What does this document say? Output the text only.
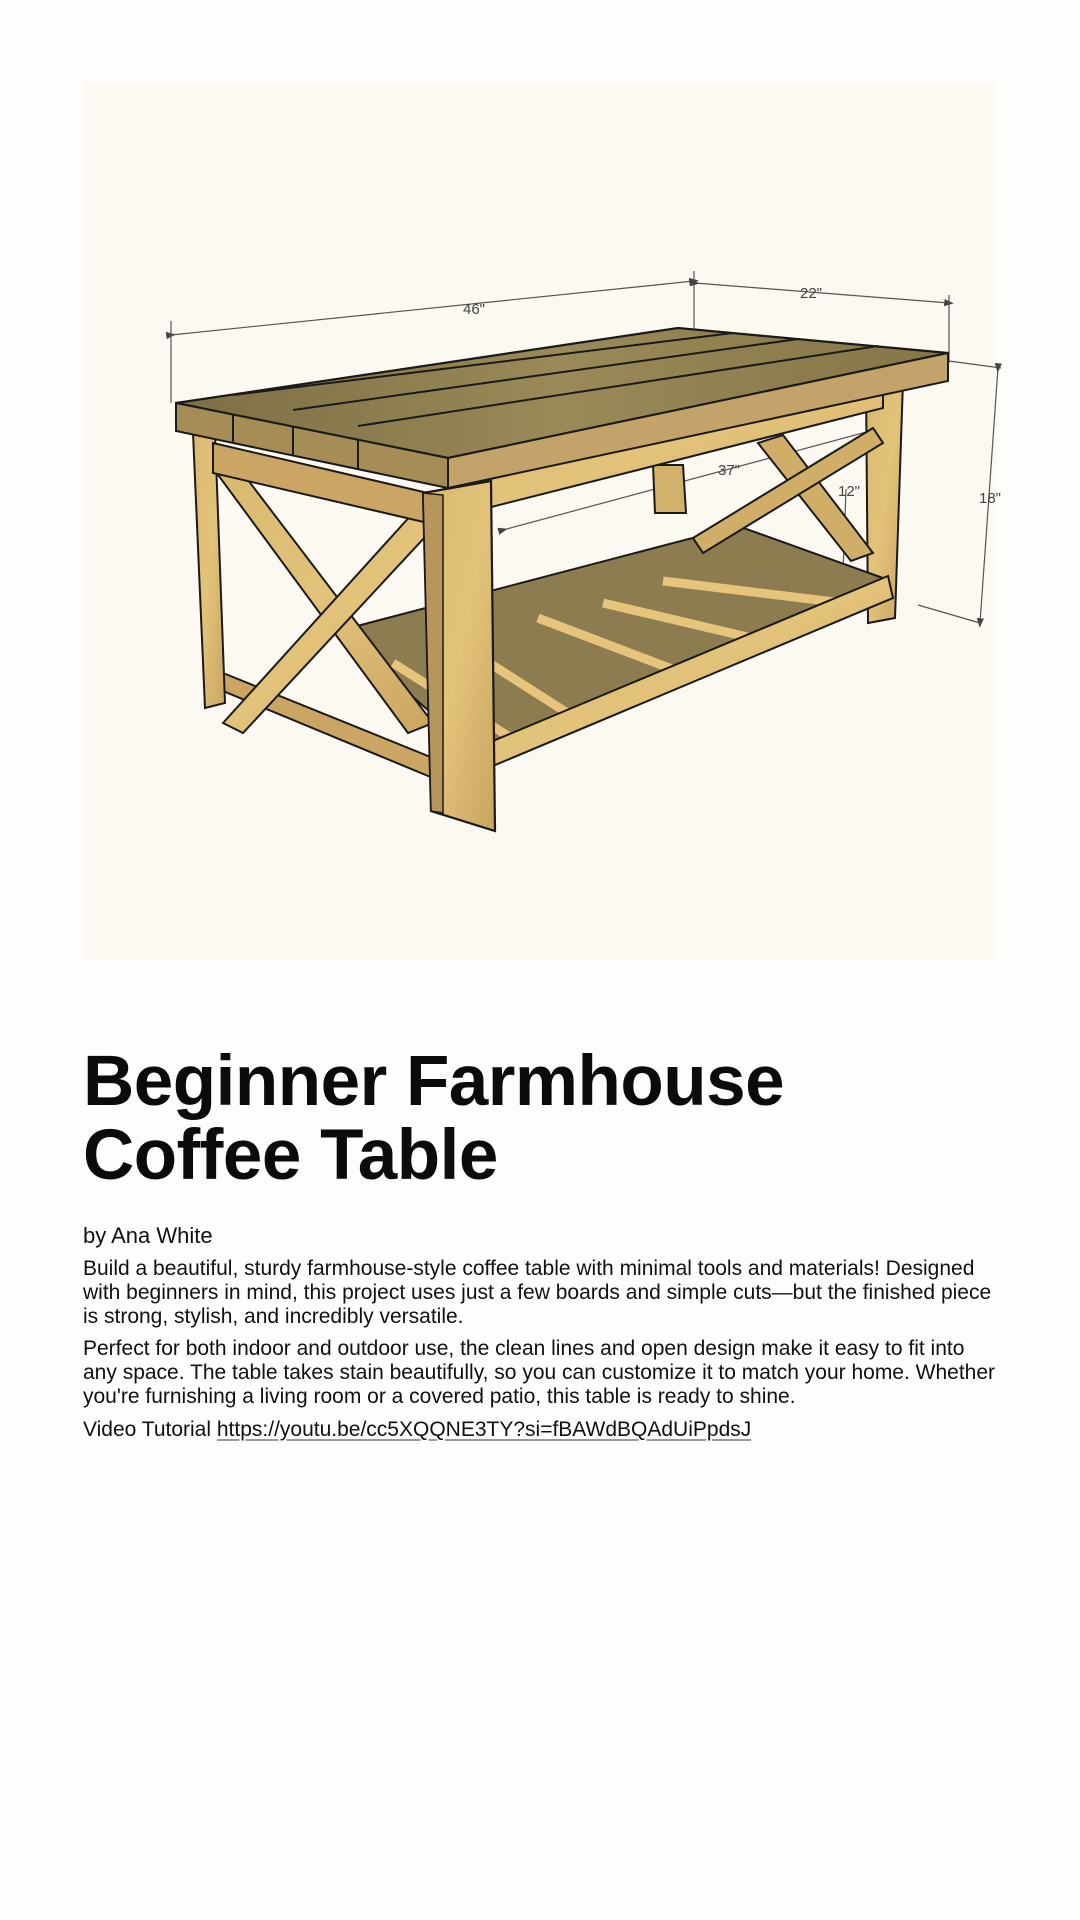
46"
22"
18"
37"
12"
Beginner Farmhouse Coffee Table

by Ana White

Build a beautiful, sturdy farmhouse-style coffee table with minimal tools and materials! Designed with beginners in mind, this project uses just a few boards and simple cuts—but the finished piece is strong, stylish, and incredibly versatile.

Perfect for both indoor and outdoor use, the clean lines and open design make it easy to fit into any space. The table takes stain beautifully, so you can customize it to match your home. Whether you're furnishing a living room or a covered patio, this table is ready to shine.

Video Tutorial https://youtu.be/cc5XQQNE3TY?si=fBAWdBQAdUiPpdsJ
